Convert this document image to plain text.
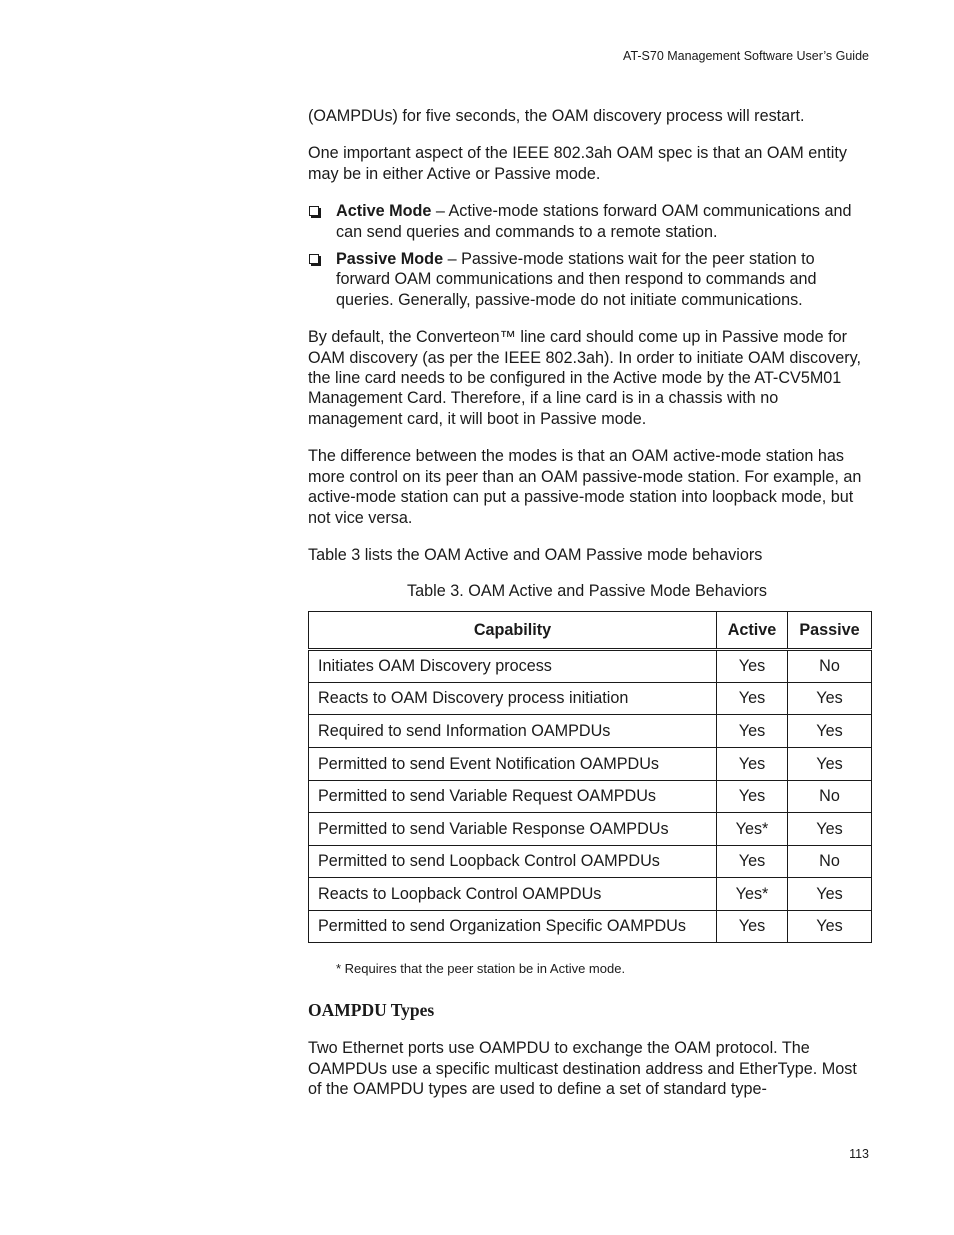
AT-S70 Management Software User’s Guide

(OAMPDUs) for five seconds, the OAM discovery process will restart.

One important aspect of the IEEE 802.3ah OAM spec is that an OAM entity may be in either Active or Passive mode.

Active Mode – Active-mode stations forward OAM communications and can send queries and commands to a remote station.
Passive Mode – Passive-mode stations wait for the peer station to forward OAM communications and then respond to commands and queries. Generally, passive-mode do not initiate communications.

By default, the Converteon™ line card should come up in Passive mode for OAM discovery (as per the IEEE 802.3ah). In order to initiate OAM discovery, the line card needs to be configured in the Active mode by the AT-CV5M01 Management Card. Therefore, if a line card is in a chassis with no management card, it will boot in Passive mode.

The difference between the modes is that an OAM active-mode station has more control on its peer than an OAM passive-mode station. For example, an active-mode station can put a passive-mode station into loopback mode, but not vice versa.

Table 3 lists the OAM Active and OAM Passive mode behaviors

Table 3. OAM Active and Passive Mode Behaviors
Capability	Active	Passive
Initiates OAM Discovery process	Yes	No
Reacts to OAM Discovery process initiation	Yes	Yes
Required to send Information OAMPDUs	Yes	Yes
Permitted to send Event Notification OAMPDUs	Yes	Yes
Permitted to send Variable Request OAMPDUs	Yes	No
Permitted to send Variable Response OAMPDUs	Yes*	Yes
Permitted to send Loopback Control OAMPDUs	Yes	No
Reacts to Loopback Control OAMPDUs	Yes*	Yes
Permitted to send Organization Specific OAMPDUs	Yes	Yes
* Requires that the peer station be in Active mode.
OAMPDU Types

Two Ethernet ports use OAMPDU to exchange the OAM protocol. The OAMPDUs use a specific multicast destination address and EtherType. Most of the OAMPDU types are used to define a set of standard type-

113
